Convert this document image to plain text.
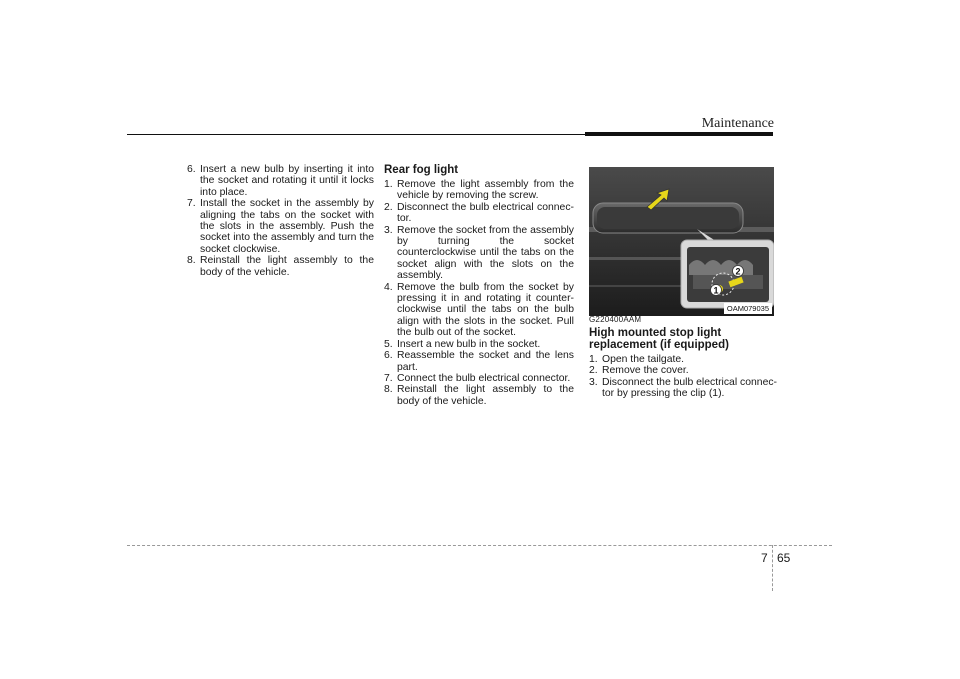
Maintenance
6. Insert a new bulb by inserting it into the socket and rotating it until it locks into place.
7. Install the socket in the assembly by aligning the tabs on the socket with the slots in the assembly. Push the socket into the assembly and turn the socket clockwise.
8. Reinstall the light assembly to the body of the vehicle.
Rear fog light
1. Remove the light assembly from the vehicle by removing the screw.
2. Disconnect the bulb electrical connec-tor.
3. Remove the socket from the assembly by turning the socket counterclockwise until the tabs on the socket align with the slots on the assembly.
4. Remove the bulb from the socket by pressing it in and rotating it counter-clockwise until the tabs on the bulb align with the slots in the socket. Pull the bulb out of the socket.
5. Insert a new bulb in the socket.
6. Reassemble the socket and the lens part.
7. Connect the bulb electrical connector.
8. Reinstall the light assembly to the body of the vehicle.
1
2
OAM079035
G220400AAM
High mounted stop light replacement (if equipped)
1. Open the tailgate.
2. Remove the cover.
3. Disconnect the bulb electrical connec-tor by pressing the clip (1).
7 65
